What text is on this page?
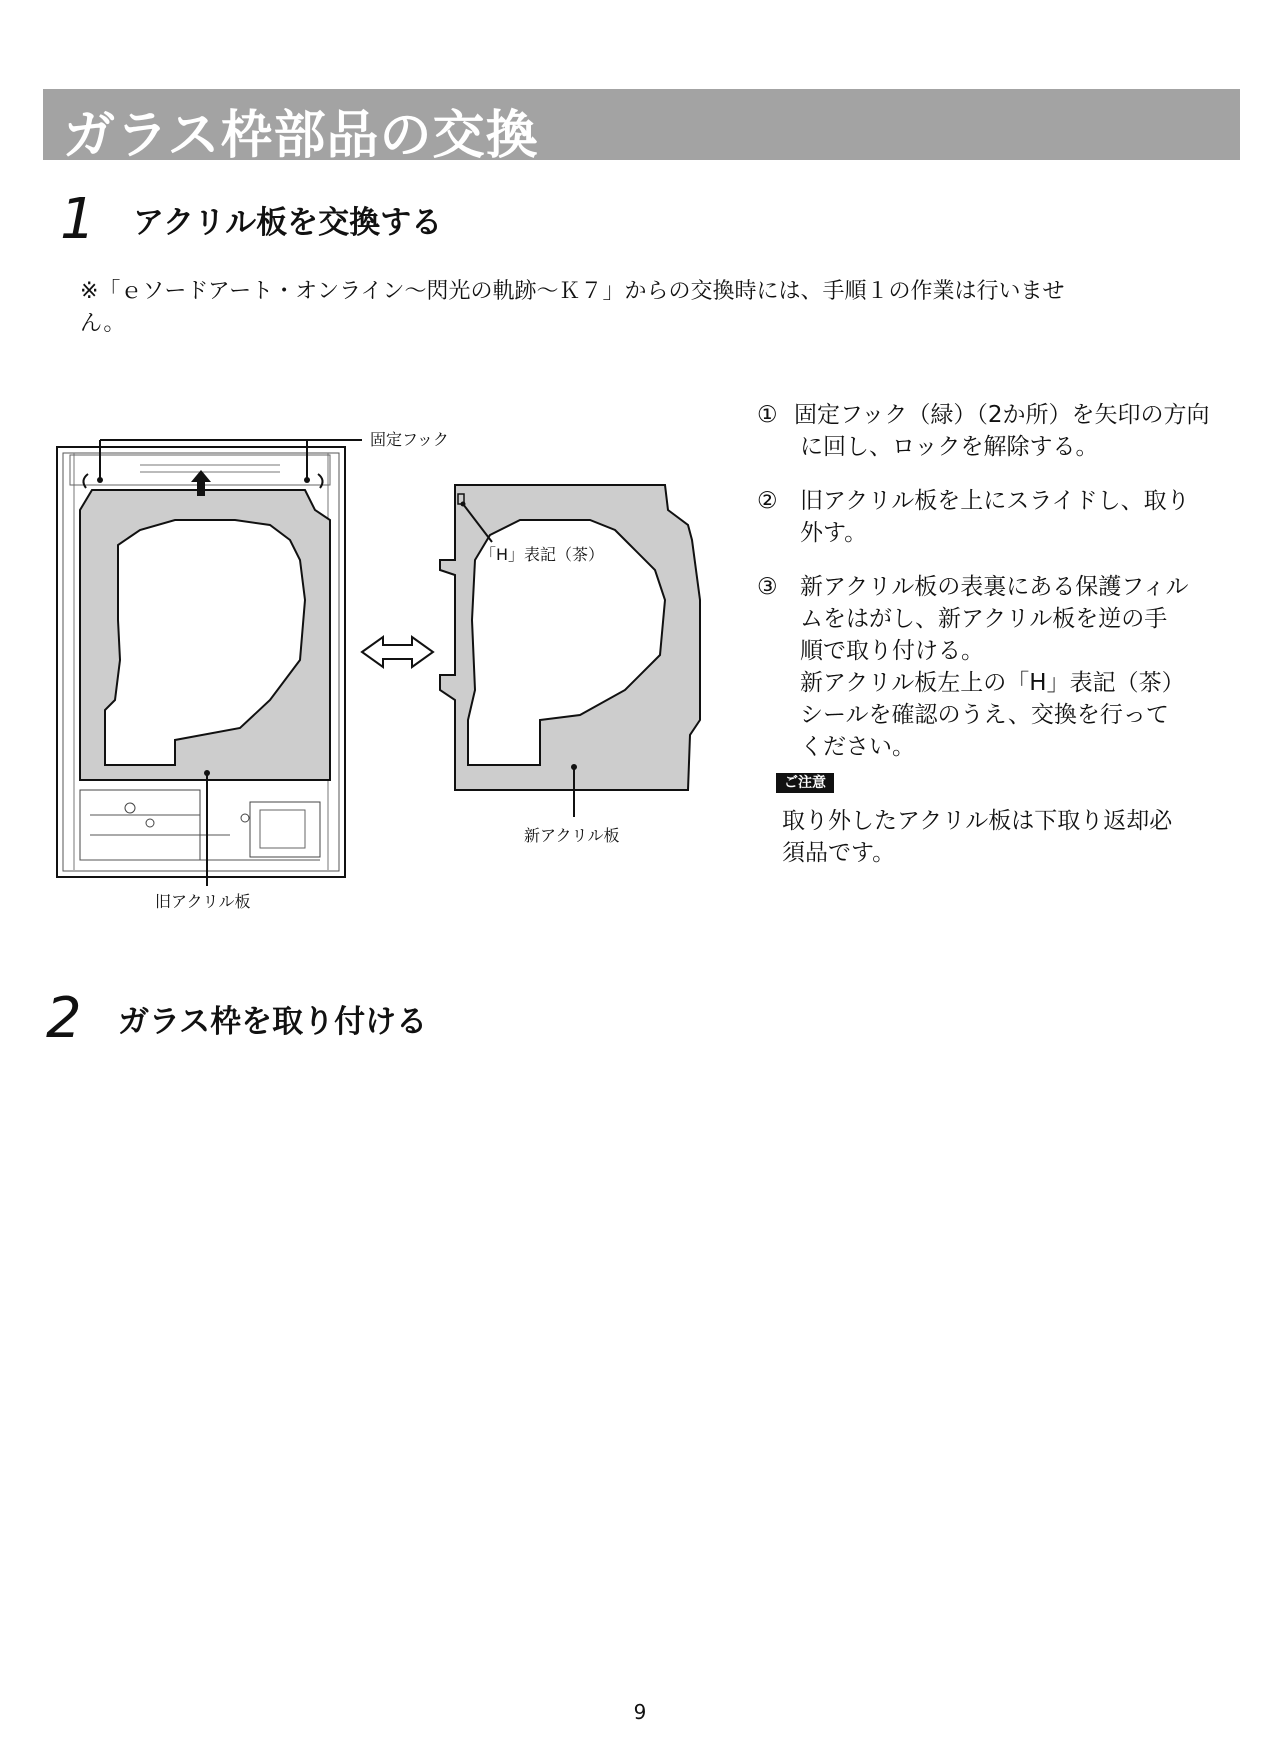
ガラス枠部品の交換
1 アクリル板を交換する
※「ｅソードアート・オンライン〜閃光の軌跡〜Ｋ７」からの交換時には、手順１の作業は行いませ
ん。
固定フック
「H」表記（茶）
新アクリル板
旧アクリル板
① 固定フック（緑）（2か所）を矢印の方向
に回し、ロックを解除する。
② 旧アクリル板を上にスライドし、取り
外す。
③ 新アクリル板の表裏にある保護フィル
ムをはがし、新アクリル板を逆の手
順で取り付ける。
新アクリル板左上の「H」表記（茶）
シールを確認のうえ、交換を行って
ください。
ご注意
取り外したアクリル板は下取り返却必
須品です。
2 ガラス枠を取り付ける
9
